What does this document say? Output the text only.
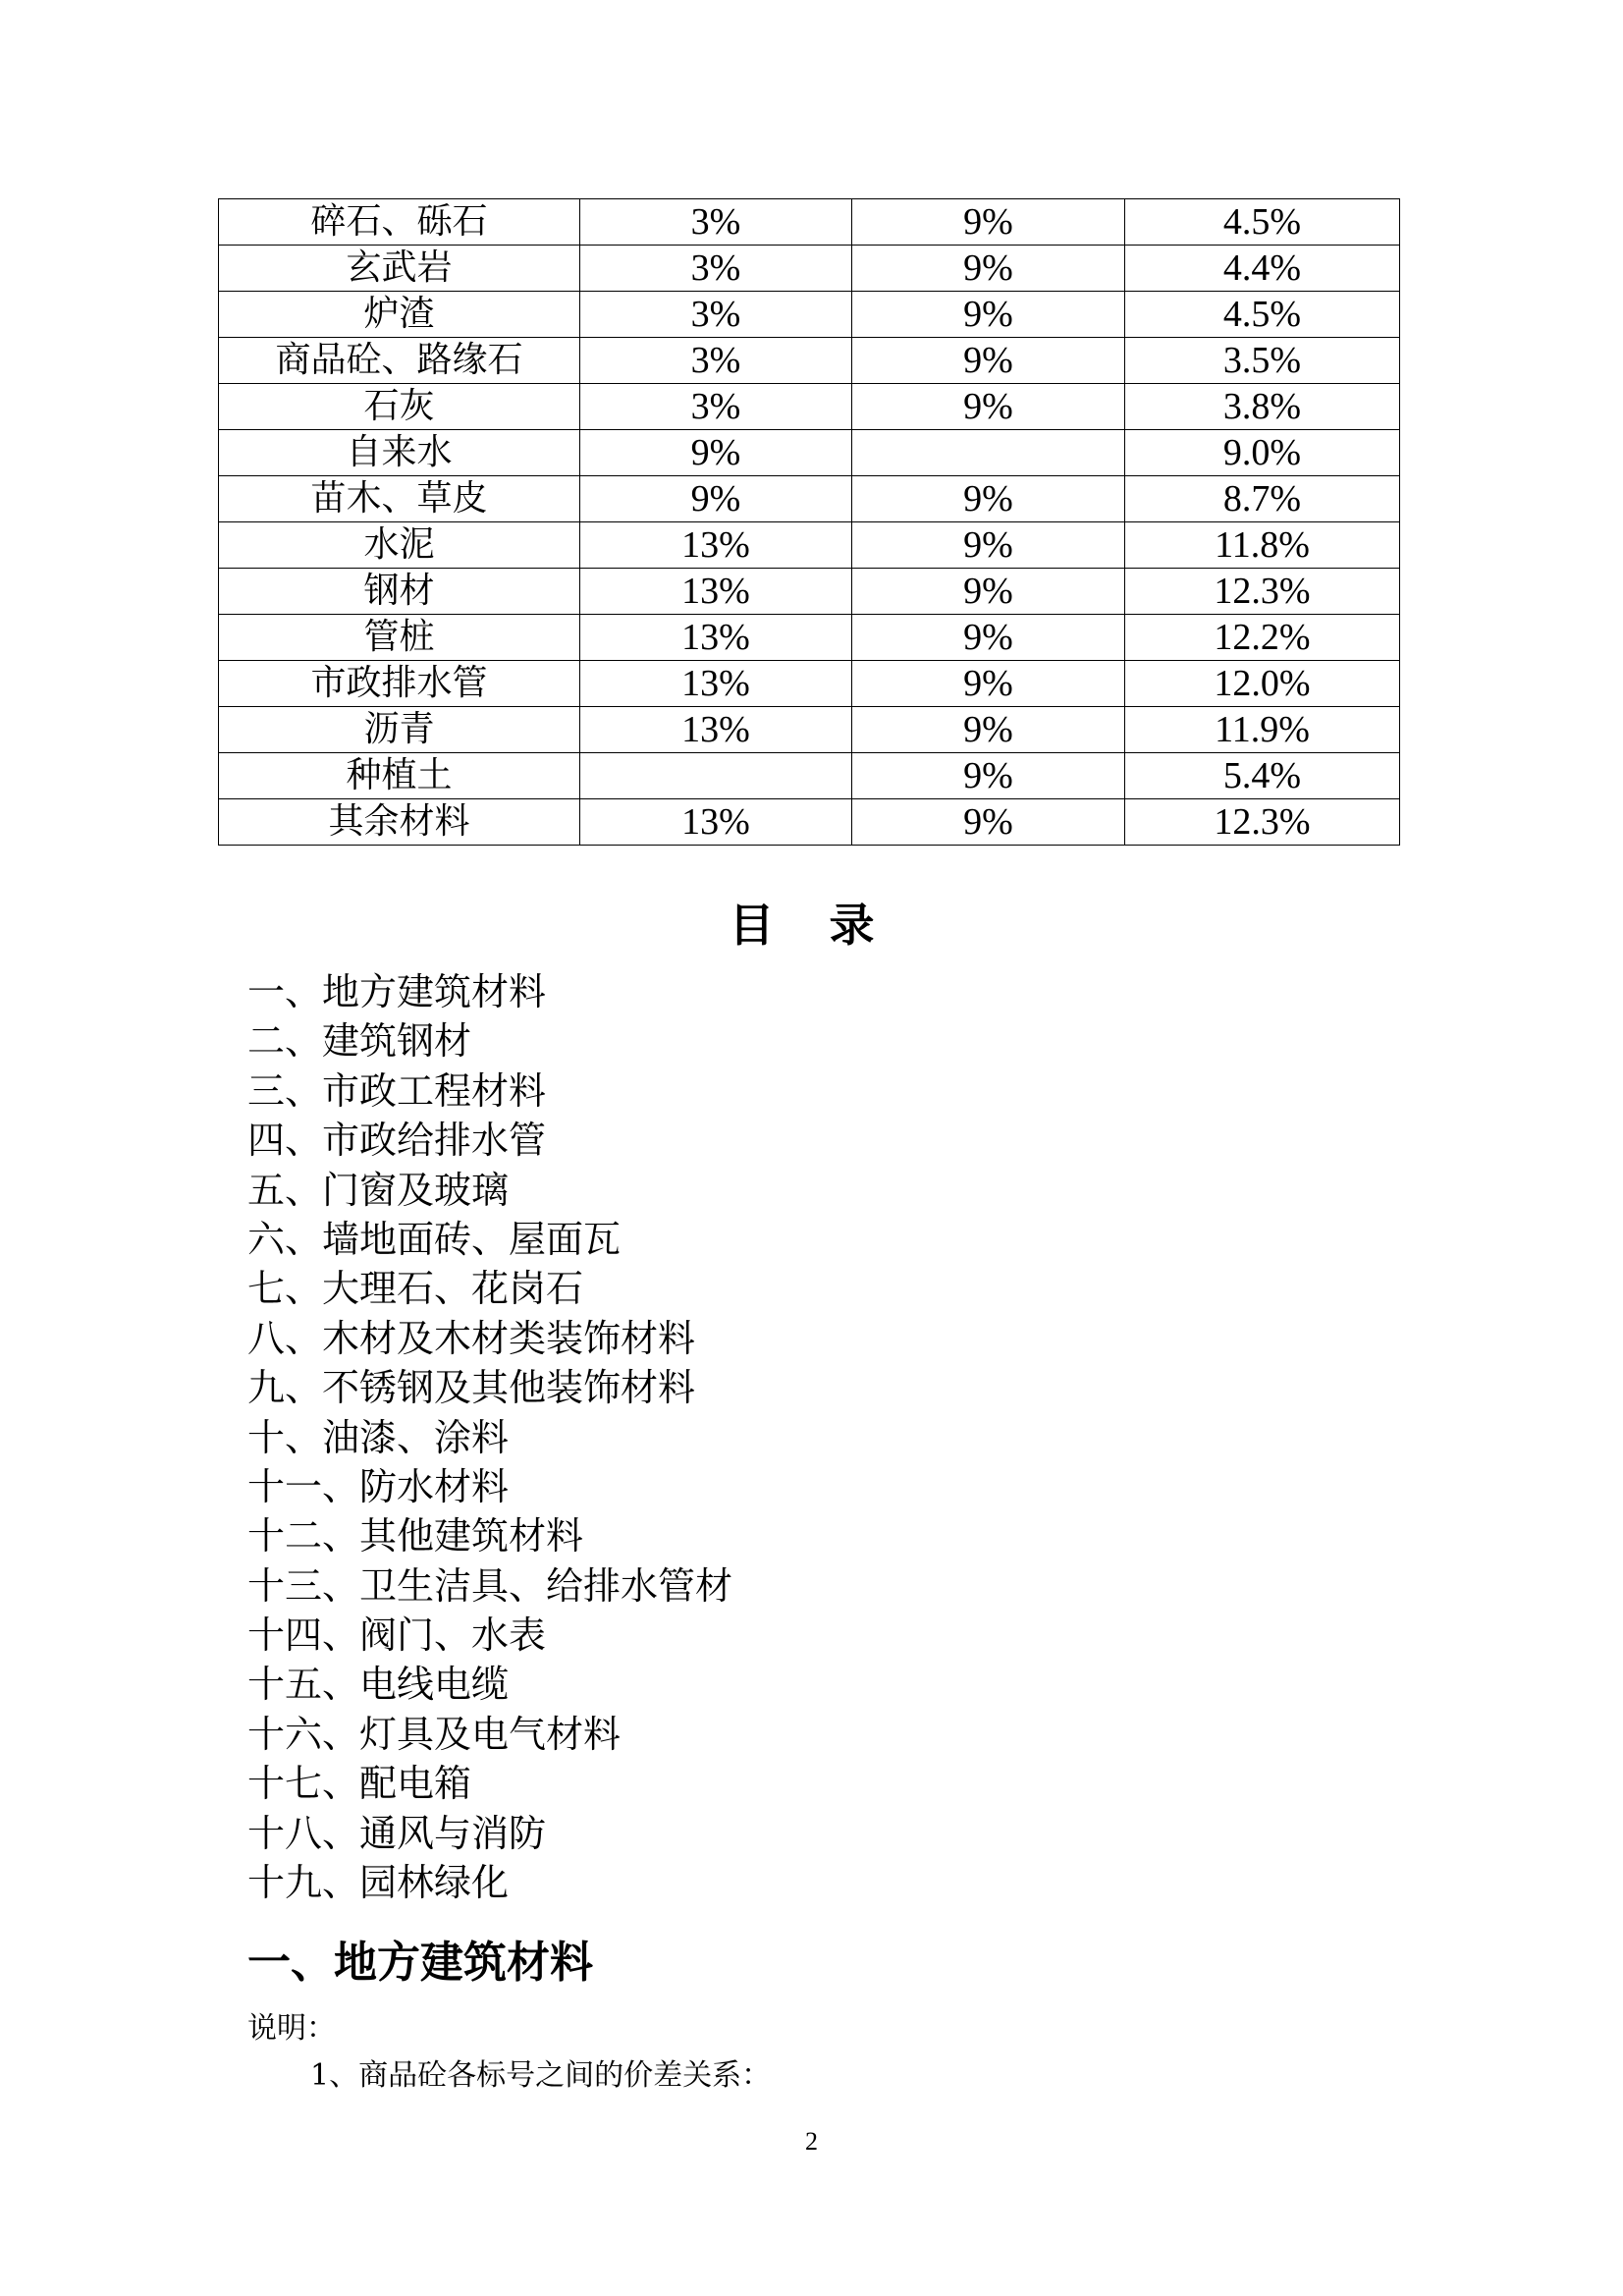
碎石、砾石	3%	9%	4.5%
玄武岩	3%	9%	4.4%
炉渣	3%	9%	4.5%
商品砼、路缘石	3%	9%	3.5%
石灰	3%	9%	3.8%
自来水	9%		9.0%
苗木、草皮	9%	9%	8.7%
水泥	13%	9%	11.8%
钢材	13%	9%	12.3%
管桩	13%	9%	12.2%
市政排水管	13%	9%	12.0%
沥青	13%	9%	11.9%
种植土		9%	5.4%
其余材料	13%	9%	12.3%
目 录
一、地方建筑材料
二、建筑钢材
三、市政工程材料
四、市政给排水管
五、门窗及玻璃
六、墙地面砖、屋面瓦
七、大理石、花岗石
八、木材及木材类装饰材料
九、不锈钢及其他装饰材料
十、油漆、涂料
十一、防水材料
十二、其他建筑材料
十三、卫生洁具、给排水管材
十四、阀门、水表
十五、电线电缆
十六、灯具及电气材料
十七、配电箱
十八、通风与消防
十九、园林绿化
一、地方建筑材料
说明：
1、商品砼各标号之间的价差关系：
2
